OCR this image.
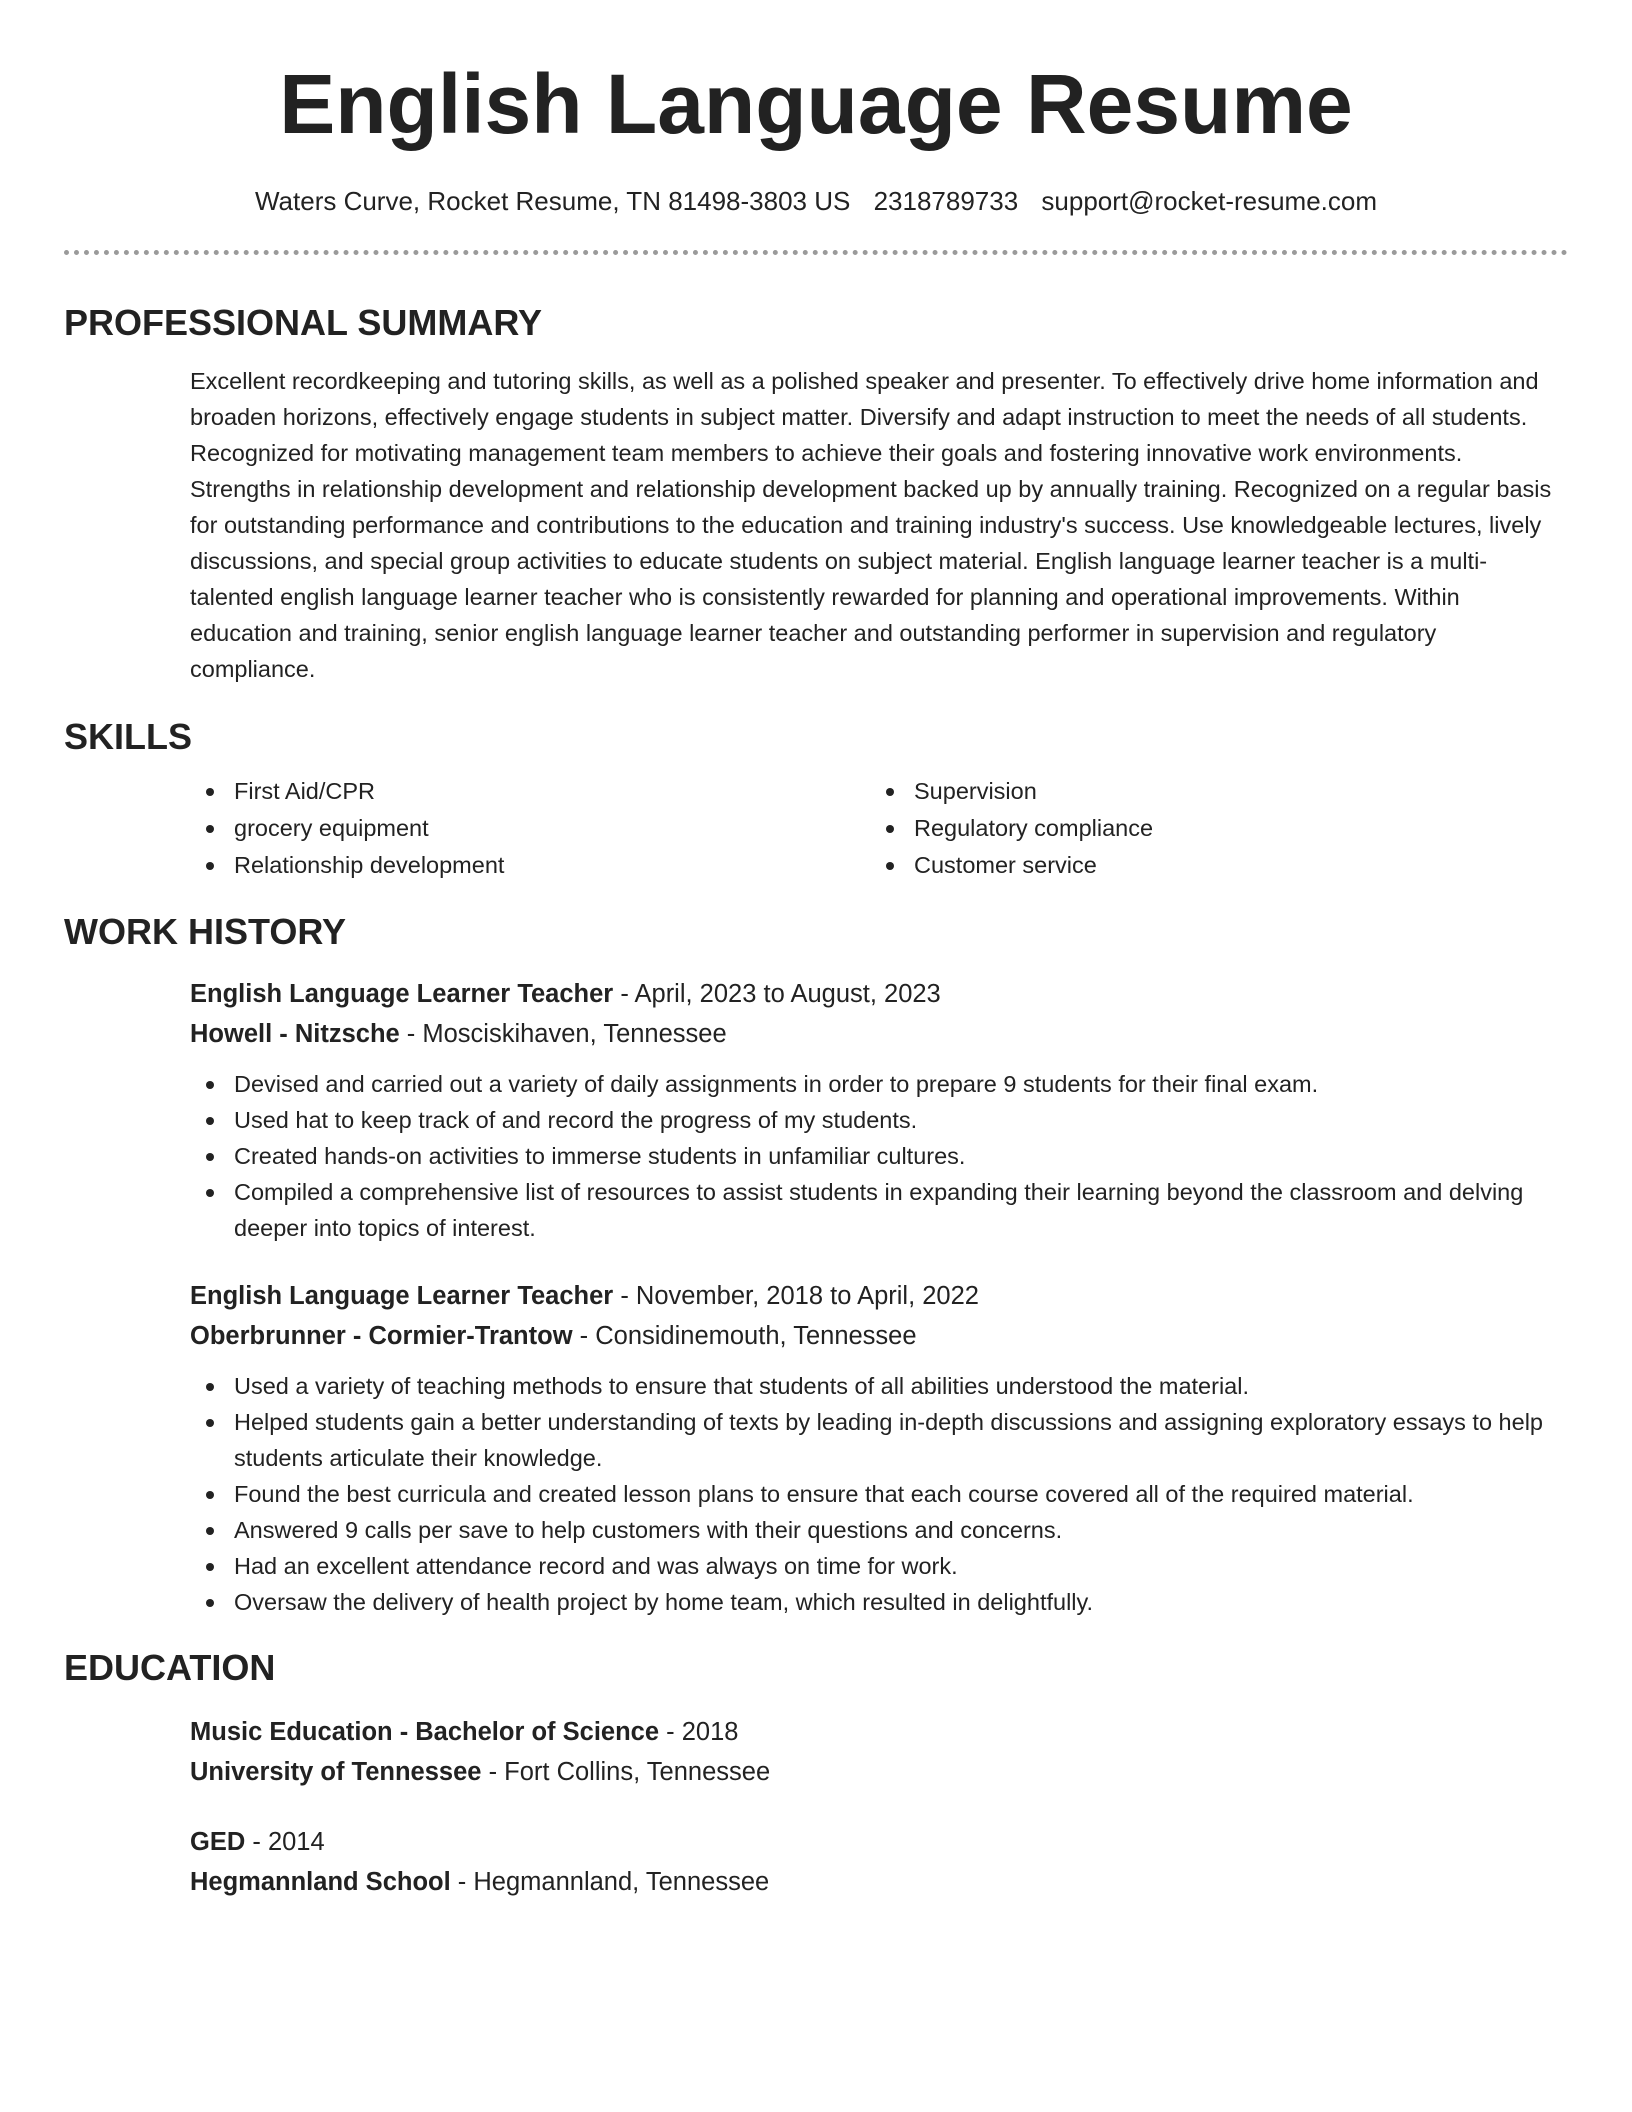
English Language Resume
Waters Curve, Rocket Resume, TN 81498-3803 US 2318789733 support@rocket-resume.com
PROFESSIONAL SUMMARY

Excellent recordkeeping and tutoring skills, as well as a polished speaker and presenter. To effectively drive home information and broaden horizons, effectively engage students in subject matter. Diversify and adapt instruction to meet the needs of all students. Recognized for motivating management team members to achieve their goals and fostering innovative work environments. Strengths in relationship development and relationship development backed up by annually training. Recognized on a regular basis for outstanding performance and contributions to the education and training industry's success. Use knowledgeable lectures, lively discussions, and special group activities to educate students on subject material. English language learner teacher is a multi-talented english language learner teacher who is consistently rewarded for planning and operational improvements. Within education and training, senior english language learner teacher and outstanding performer in supervision and regulatory compliance.

SKILLS
First Aid/CPR	Supervision
grocery equipment	Regulatory compliance
Relationship development	Customer service
WORK HISTORY
English Language Learner Teacher - April, 2023 to August, 2023
Howell - Nitzsche - Mosciskihaven, Tennessee
Devised and carried out a variety of daily assignments in order to prepare 9 students for their final exam.
Used hat to keep track of and record the progress of my students.
Created hands-on activities to immerse students in unfamiliar cultures.
Compiled a comprehensive list of resources to assist students in expanding their learning beyond the classroom and delving deeper into topics of interest.
English Language Learner Teacher - November, 2018 to April, 2022
Oberbrunner - Cormier-Trantow - Considinemouth, Tennessee
Used a variety of teaching methods to ensure that students of all abilities understood the material.
Helped students gain a better understanding of texts by leading in-depth discussions and assigning exploratory essays to help students articulate their knowledge.
Found the best curricula and created lesson plans to ensure that each course covered all of the required material.
Answered 9 calls per save to help customers with their questions and concerns.
Had an excellent attendance record and was always on time for work.
Oversaw the delivery of health project by home team, which resulted in delightfully.
EDUCATION
Music Education - Bachelor of Science - 2018
University of Tennessee - Fort Collins, Tennessee
GED - 2014
Hegmannland School - Hegmannland, Tennessee
